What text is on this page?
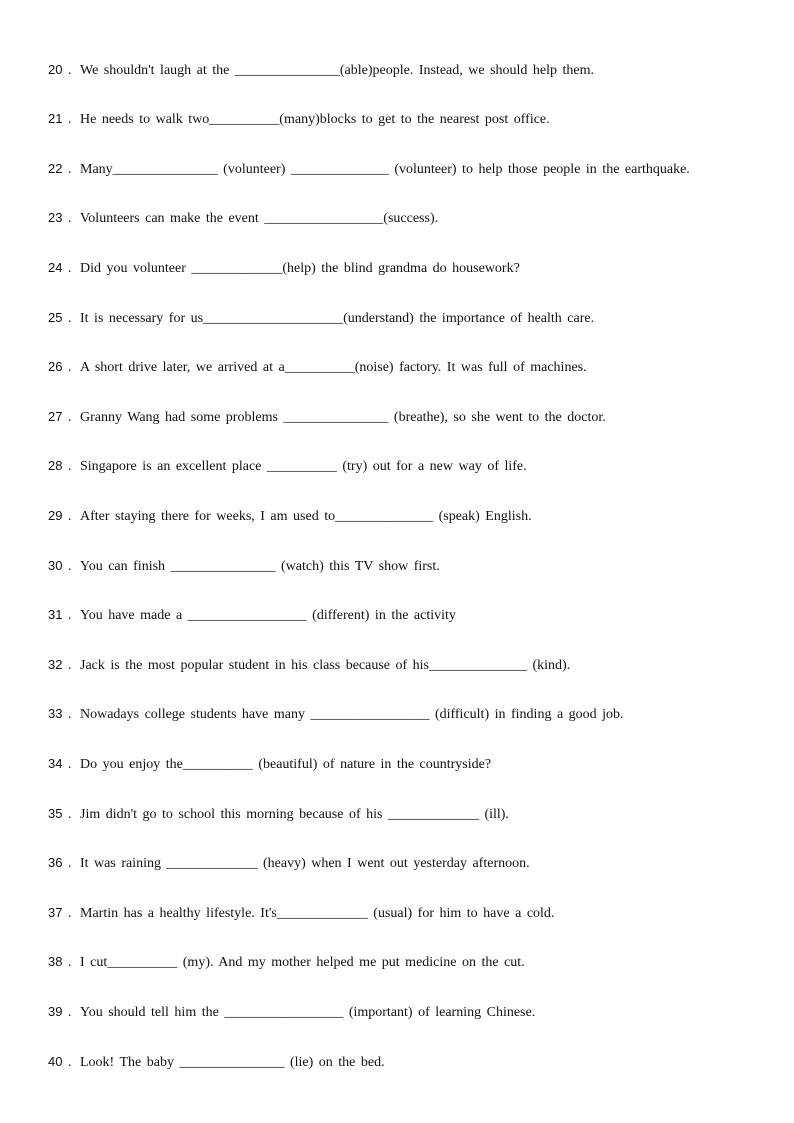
20 . We shouldn't laugh at the _______________(able)people. Instead, we should help them.
21 . He needs to walk two__________(many)blocks to get to the nearest post office.
22 . Many_______________ (volunteer) ______________ (volunteer) to help those people in the earthquake.
23 . Volunteers can make the event _________________(success).
24 . Did you volunteer _____________(help) the blind grandma do housework?
25 . It is necessary for us____________________(understand) the importance of health care.
26 . A short drive later, we arrived at a__________(noise) factory. It was full of machines.
27 . Granny Wang had some problems _______________ (breathe), so she went to the doctor.
28 . Singapore is an excellent place __________ (try) out for a new way of life.
29 . After staying there for weeks, I am used to______________ (speak) English.
30 . You can finish _______________ (watch) this TV show first.
31 . You have made a _________________ (different) in the activity
32 . Jack is the most popular student in his class because of his______________ (kind).
33 . Nowadays college students have many _________________ (difficult) in finding a good job.
34 . Do you enjoy the__________ (beautiful) of nature in the countryside?
35 . Jim didn't go to school this morning because of his _____________ (ill).
36 . It was raining _____________ (heavy) when I went out yesterday afternoon.
37 . Martin has a healthy lifestyle. It's_____________ (usual) for him to have a cold.
38 . I cut__________ (my). And my mother helped me put medicine on the cut.
39 . You should tell him the _________________ (important) of learning Chinese.
40 . Look! The baby _______________ (lie) on the bed.
